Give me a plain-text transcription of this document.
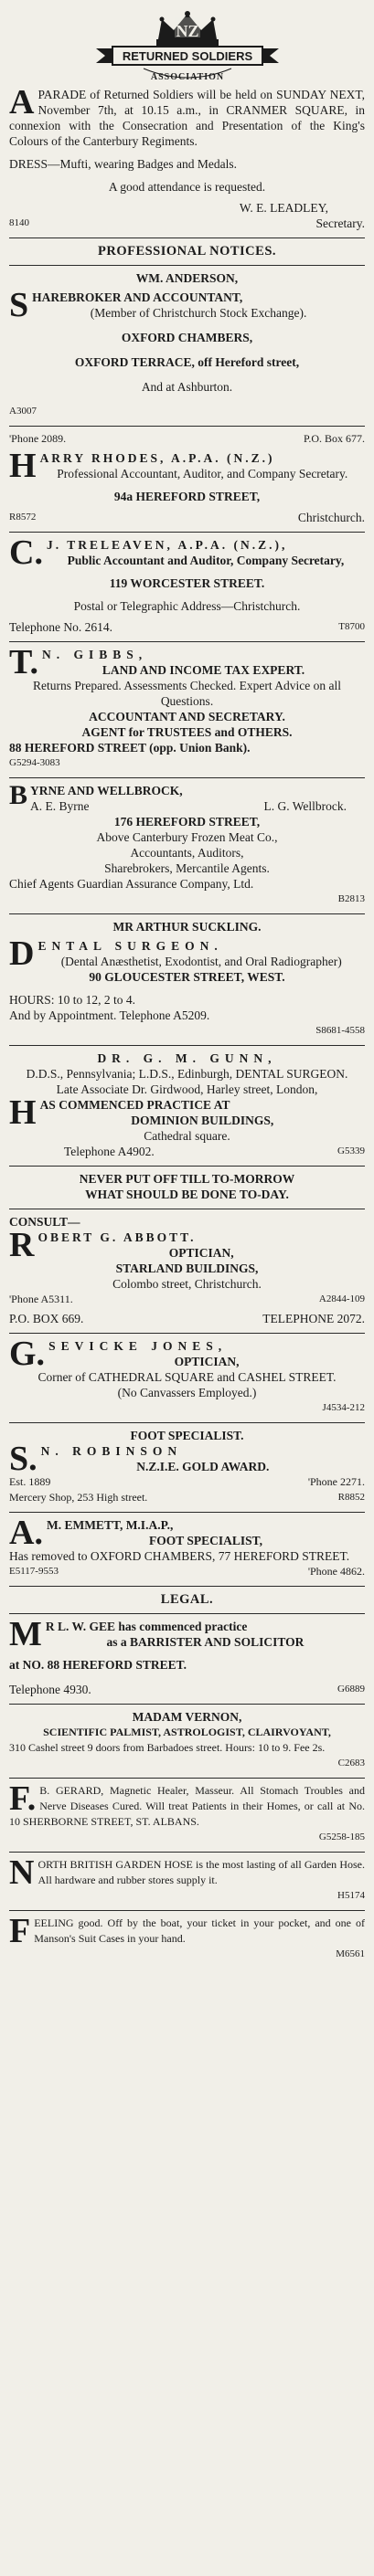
NZ
RETURNED SOLDIERS
ASSOCIATION

APARADE of Returned Soldiers will be held on SUNDAY NEXT, November 7th, at 10.15 a.m., in CRANMER SQUARE, in connexion with the Consecration and Presentation of the King's Colours of the Canterbury Regiments.

DRESS—Mufti, wearing Badges and Medals.

A good attendance is requested.

W. E. LEADLEY,

8140	Secretary.
PROFESSIONAL NOTICES.

WM. ANDERSON,

SHAREBROKER AND ACCOUNTANT,

(Member of Christchurch Stock Exchange).

OXFORD CHAMBERS,

OXFORD TERRACE, off Hereford street,

And at Ashburton.

A3007

'Phone 2089.	P.O. Box 677.

HARRY RHODES, A.P.A. (N.Z.)

Professional Accountant, Auditor, and Company Secretary.

94a HEREFORD STREET,

R8572	Christchurch.

C. J. TRELEAVEN, A.P.A. (N.Z.),

Public Accountant and Auditor, Company Secretary,

119 WORCESTER STREET.

Postal or Telegraphic Address—Christchurch.

Telephone No. 2614.	T8700

T. N. GIBBS,

LAND AND INCOME TAX EXPERT.

Returns Prepared. Assessments Checked. Expert Advice on all Questions.

ACCOUNTANT AND SECRETARY.

AGENT for TRUSTEES and OTHERS.

88 HEREFORD STREET (opp. Union Bank).

G5294-3083

BYRNE AND WELLBROCK,

A. E. Byrne	L. G. Wellbrock.

176 HEREFORD STREET,

Above Canterbury Frozen Meat Co.,

Accountants, Auditors,

Sharebrokers, Mercantile Agents.

Chief Agents Guardian Assurance Company, Ltd.

B2813

MR ARTHUR SUCKLING.

DENTAL SURGEON.

(Dental Anæsthetist, Exodontist, and Oral Radiographer)

90 GLOUCESTER STREET, WEST.

HOURS: 10 to 12, 2 to 4.

And by Appointment. Telephone A5209.

S8681-4558

DR. G. M. GUNN,

D.D.S., Pennsylvania; L.D.S., Edinburgh, DENTAL SURGEON.

Late Associate Dr. Girdwood, Harley street, London,

HAS COMMENCED PRACTICE AT

DOMINION BUILDINGS,

Cathedral square.

Telephone A4902.	G5339

NEVER PUT OFF TILL TO-MORROW

WHAT SHOULD BE DONE TO-DAY.

CONSULT—

ROBERT G. ABBOTT.

OPTICIAN,

STARLAND BUILDINGS,

Colombo street, Christchurch.

'Phone A5311.	A2844-109
P.O. BOX 669.	TELEPHONE 2072.

G. SEVICKE JONES,

OPTICIAN,

Corner of CATHEDRAL SQUARE and CASHEL STREET.

(No Canvassers Employed.)

J4534-212

FOOT SPECIALIST.

S. N. ROBINSON

N.Z.I.E. GOLD AWARD.

Est. 1889	'Phone 2271.
Mercery Shop, 253 High street.	R8852

A. M. EMMETT, M.I.A.P.,

FOOT SPECIALIST,

Has removed to OXFORD CHAMBERS, 77 HEREFORD STREET.

E5117-9553	'Phone 4862.
LEGAL.

M R L. W. GEE has commenced practice

as a BARRISTER AND SOLICITOR

at NO. 88 HEREFORD STREET.

Telephone 4930.	G6889

MADAM VERNON,

SCIENTIFIC PALMIST, ASTROLOGIST, CLAIRVOYANT,

310 Cashel street 9 doors from Barbadoes street. Hours: 10 to 9. Fee 2s.

C2683

F. B. GERARD, Magnetic Healer, Masseur. All Stomach Troubles and Nerve Diseases Cured. Will treat Patients in their Homes, or call at No. 10 SHERBORNE STREET, ST. ALBANS.

G5258-185

NORTH BRITISH GARDEN HOSE is the most lasting of all Garden Hose. All hardware and rubber stores supply it.

H5174

FEELING good. Off by the boat, your ticket in your pocket, and one of Manson's Suit Cases in your hand.

M6561
